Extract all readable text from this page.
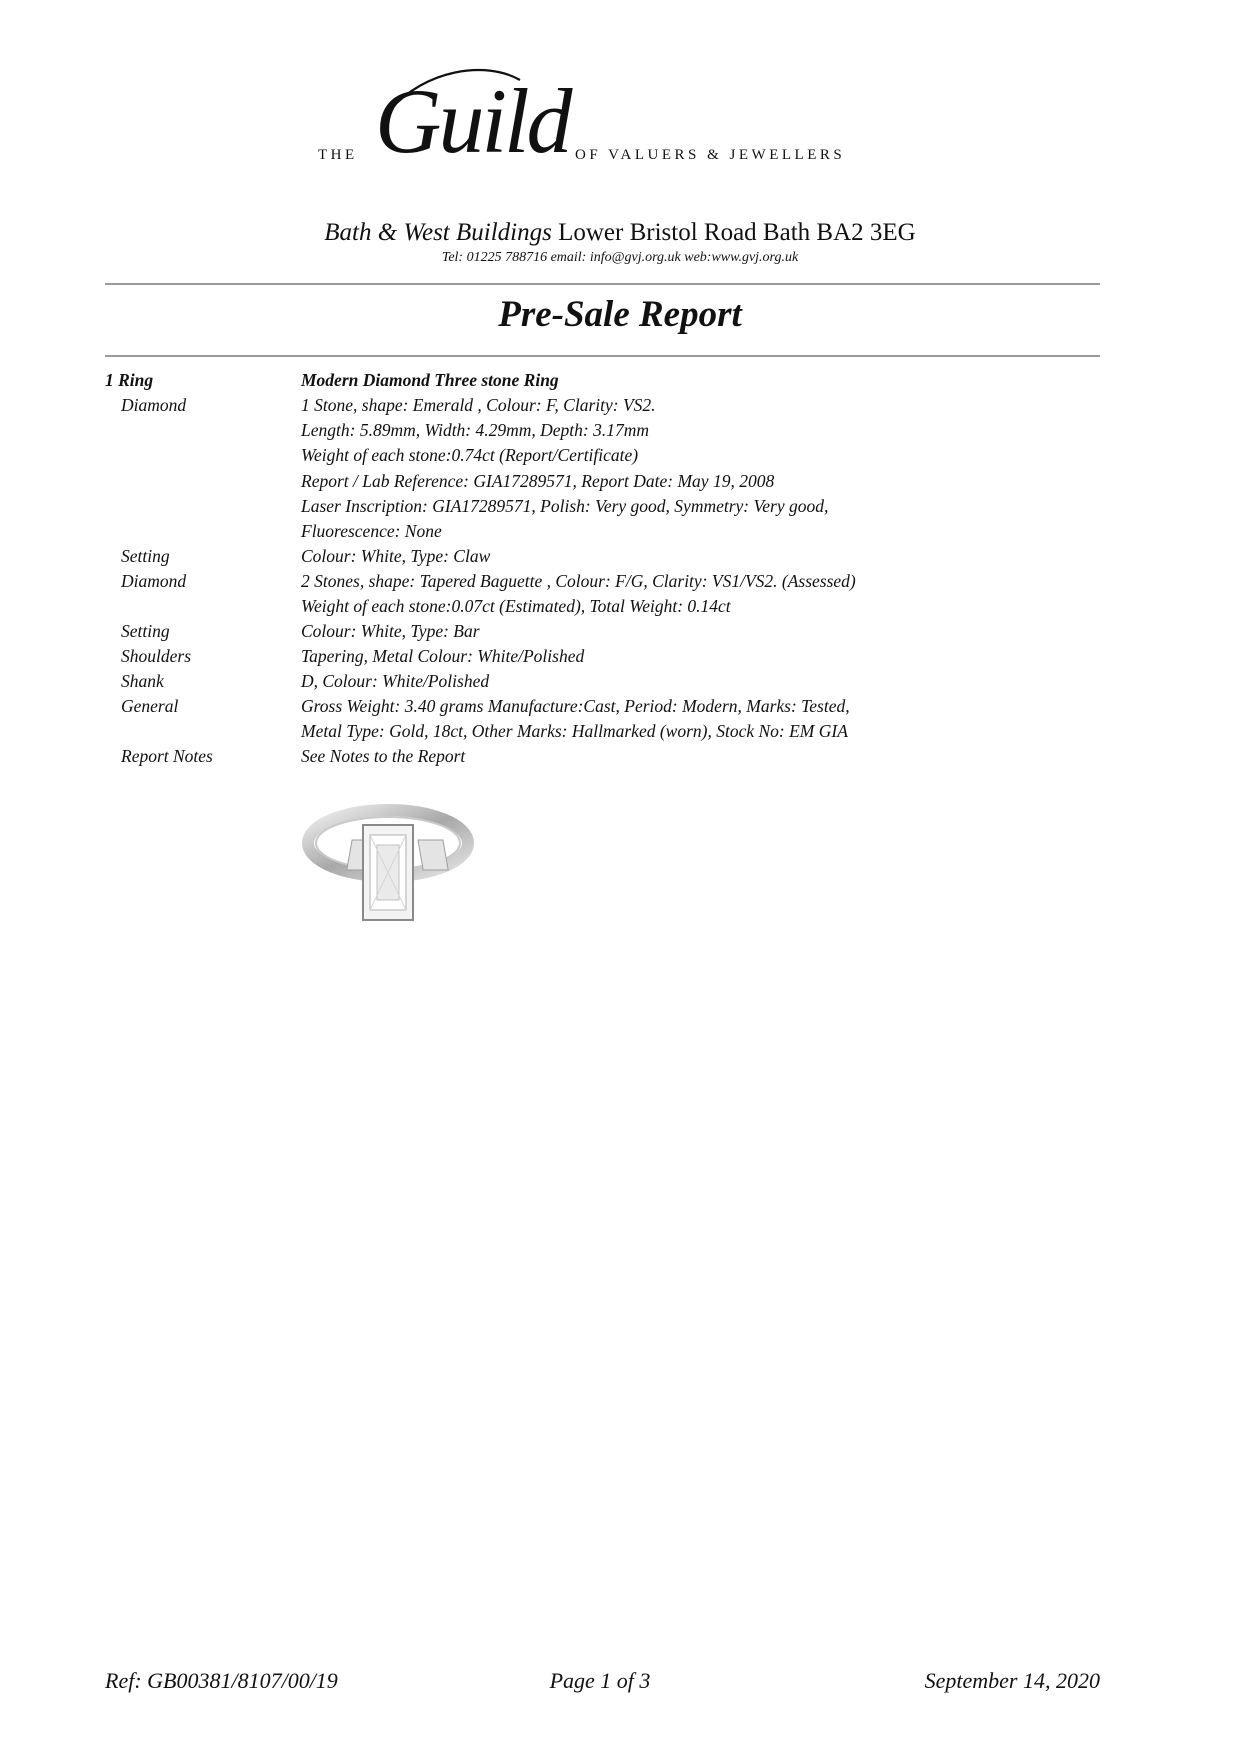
THE Guild OF VALUERS & JEWELLERS
Bath & West Buildings Lower Bristol Road Bath BA2 3EG
Tel: 01225 788716 email: info@gvj.org.uk web:www.gvj.org.uk
Pre-Sale Report
1 Ring	Modern Diamond Three stone Ring
Diamond	1 Stone, shape: Emerald , Colour: F, Clarity: VS2.
Length: 5.89mm, Width: 4.29mm, Depth: 3.17mm
Weight of each stone:0.74ct (Report/Certificate)
Report / Lab Reference: GIA17289571, Report Date: May 19, 2008
Laser Inscription: GIA17289571, Polish: Very good, Symmetry: Very good,
Fluorescence: None
Setting	Colour: White, Type: Claw
Diamond	2 Stones, shape: Tapered Baguette , Colour: F/G, Clarity: VS1/VS2. (Assessed)
Weight of each stone:0.07ct (Estimated), Total Weight: 0.14ct
Setting	Colour: White, Type: Bar
Shoulders	Tapering, Metal Colour: White/Polished
Shank	D, Colour: White/Polished
General	Gross Weight: 3.40 grams Manufacture:Cast, Period: Modern, Marks: Tested,
Metal Type: Gold, 18ct, Other Marks: Hallmarked (worn), Stock No: EM GIA
Report Notes	See Notes to the Report
Ref: GB00381/8107/00/19	Page 1 of 3	September 14, 2020
